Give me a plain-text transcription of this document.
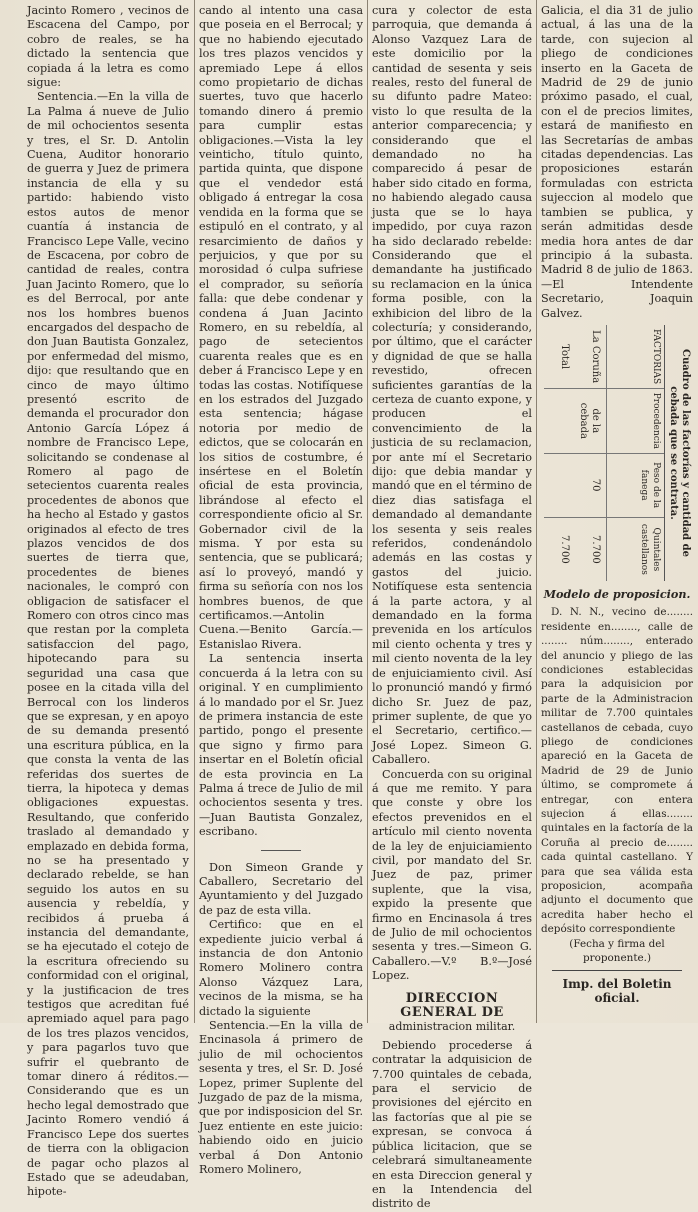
Jacinto Romero , vecinos de Escacena del Campo, por cobro de reales, se ha dictado la sentencia que copiada á la letra es como sigue:

Sentencia.—En la villa de La Palma á nueve de Julio de mil ochocientos sesenta y tres, el Sr. D. Antolin Cuena, Auditor honorario de guerra y Juez de primera instancia de ella y su partido: habiendo visto estos autos de menor cuantía á instancia de Francisco Lepe Valle, vecino de Escacena, por cobro de cantidad de reales, contra Juan Jacinto Romero, que lo es del Berrocal, por ante nos los hombres buenos encargados del despacho de don Juan Bautista Gonzalez, por enfermedad del mismo, dijo: que resultando que en cinco de mayo último presentó escrito de demanda el procurador don Antonio García López á nombre de Francisco Lepe, solicitando se condenase al Romero al pago de setecientos cuarenta reales procedentes de abonos que ha hecho al Estado y gastos originados al efecto de tres plazos vencidos de dos suertes de tierra que, procedentes de bienes nacionales, le compró con obligacion de satisfacer el Romero con otros cinco mas que restan por la completa satisfaccion del pago, hipotecando para su seguridad una casa que posee en la citada villa del Berrocal con los linderos que se expresan, y en apoyo de su demanda presentó una escritura pública, en la que consta la venta de las referidas dos suertes de tierra, la hipoteca y demas obligaciones expuestas. Resultando, que conferido traslado al demandado y emplazado en debida forma, no se ha presentado y declarado rebelde, se han seguido los autos en su ausencia y rebeldía, y recibidos á prueba á instancia del demandante, se ha ejecutado el cotejo de la escritura ofreciendo su conformidad con el original, y la justificacion de tres testigos que acreditan fué apremiado aquel para pago de los tres plazos vencidos, y para pagarlos tuvo que sufrir el quebranto de tomar dinero á réditos.—Considerando que es un hecho legal demostrado que Jacinto Romero vendió á Francisco Lepe dos suertes de tierra con la obligacion de pagar ocho plazos al Estado que se adeudaban, hipote-

cando al intento una casa que poseia en el Berrocal; y que no habiendo ejecutado los tres plazos vencidos y apremiado Lepe á ellos como propietario de dichas suertes, tuvo que hacerlo tomando dinero á premio para cumplir estas obligaciones.—Vista la ley veinticho, título quinto, partida quinta, que dispone que el vendedor está obligado á entregar la cosa vendida en la forma que se estipuló en el contrato, y al resarcimiento de daños y perjuicios, y que por su morosidad ó culpa sufriese el comprador, su señoría falla: que debe condenar y condena á Juan Jacinto Romero, en su rebeldía, al pago de setecientos cuarenta reales que es en deber á Francisco Lepe y en todas las costas. Notifíquese en los estrados del Juzgado esta sentencia; hágase notoria por medio de edictos, que se colocarán en los sitios de costumbre, é insértese en el Boletín oficial de esta provincia, librándose al efecto el correspondiente oficio al Sr. Gobernador civil de la misma. Y por esta su sentencia, que se publicará; así lo proveyó, mandó y firma su señoría con nos los hombres buenos, de que certificamos.—Antolin Cuena.—Benito García.—Estanislao Rivera.

La sentencia inserta concuerda á la letra con su original. Y en cumplimiento á lo mandado por el Sr. Juez de primera instancia de este partido, pongo el presente que signo y firmo para insertar en el Boletín oficial de esta provincia en La Palma á trece de Julio de mil ochocientos sesenta y tres.—Juan Bautista Gonzalez, escribano.

Don Simeon Grande y Caballero, Secretario del Ayuntamiento y del Juzgado de paz de esta villa.

Certifico: que en el expediente juicio verbal á instancia de don Antonio Romero Molinero contra Alonso Vázquez Lara, vecinos de la misma, se ha dictado la siguiente

Sentencia.—En la villa de Encinasola á primero de julio de mil ochocientos sesenta y tres, el Sr. D. José Lopez, primer Suplente del Juzgado de paz de la misma, que por indisposicion del Sr. Juez entiente en este juicio: habiendo oido en juicio verbal á Don Antonio Romero Molinero,

cura y colector de esta parroquia, que demanda á Alonso Vazquez Lara de este domicilio por la cantidad de sesenta y seis reales, resto del funeral de su difunto padre Mateo: visto lo que resulta de la anterior comparecencia; y considerando que el demandado no ha comparecido á pesar de haber sido citado en forma, no habiendo alegado causa justa que se lo haya impedido, por cuya razon ha sido declarado rebelde: Considerando que el demandante ha justificado su reclamacion en la única forma posible, con la exhibicion del libro de la colecturía; y considerando, por último, que el carácter y dignidad de que se halla revestido, ofrecen suficientes garantías de la certeza de cuanto expone, y producen el convencimiento de la justicia de su reclamacion, por ante mí el Secretario dijo: que debia mandar y mandó que en el término de diez dias satisfaga el demandado al demandante los sesenta y seis reales referidos, condenándolo además en las costas y gastos del juicio. Notifíquese esta sentencia á la parte actora, y al demandado en la forma prevenida en los artículos mil ciento ochenta y tres y mil ciento noventa de la ley de enjuiciamiento civil. Así lo pronunció mandó y firmó dicho Sr. Juez de paz, primer suplente, de que yo el Secretario, certifico.—José Lopez. Simeon G. Caballero.

Concuerda con su original á que me remito. Y para que conste y obre los efectos prevenidos en el artículo mil ciento noventa de la ley de enjuiciamiento civil, por mandato del Sr. Juez de paz, primer suplente, que la visa, expido la presente que firmo en Encinasola á tres de Julio de mil ochocientos sesenta y tres.—Simeon G. Caballero.—V.º B.º—José Lopez.

DIRECCION GENERAL DE
administracion militar.

Debiendo procederse á contratar la adquisicion de 7.700 quintales de cebada, para el servicio de provisiones del ejército en las factorías que al pie se expresan, se convoca á pública licitacion, que se celebrará simultaneamente en esta Direccion general y en la Intendencia del distrito de

Galicia, el dia 31 de julio actual, á las una de la tarde, con sujecion al pliego de condiciones inserto en la Gaceta de Madrid de 29 de junio próximo pasado, el cual, con el de precios limites, estará de manifiesto en las Secretarías de ambas citadas dependencias. Las proposiciones estarán formuladas con estricta sujeccion al modelo que tambien se publica, y serán admitidas desde media hora antes de dar principio á la subasta. Madrid 8 de julio de 1863.—El Intendente Secretario, Joaquin Galvez.

Cuadro de las factorías y cantidad de cebada que se contrata.
FACTORIAS
La Coruña
Total
Procedencia
de la cebada
Peso de la fanega
70
Quintales castellanos
7.700
7.700
Modelo de proposicion.

D. N. N., vecino de........ residente en........, calle de ........ núm........, enterado del anuncio y pliego de las condiciones establecidas para la adquisicion por parte de la Administracion militar de 7.700 quintales castellanos de cebada, cuyo pliego de condiciones apareció en la Gaceta de Madrid de 29 de Junio último, se compromete á entregar, con entera sujecion á ellas........ quintales en la factoría de la Coruña al precio de........ cada quintal castellano. Y para que sea válida esta proposicion, acompaña adjunto el documento que acredita haber hecho el depósito correspondiente

(Fecha y firma del proponente.)

Imp. del Boletin oficial.
